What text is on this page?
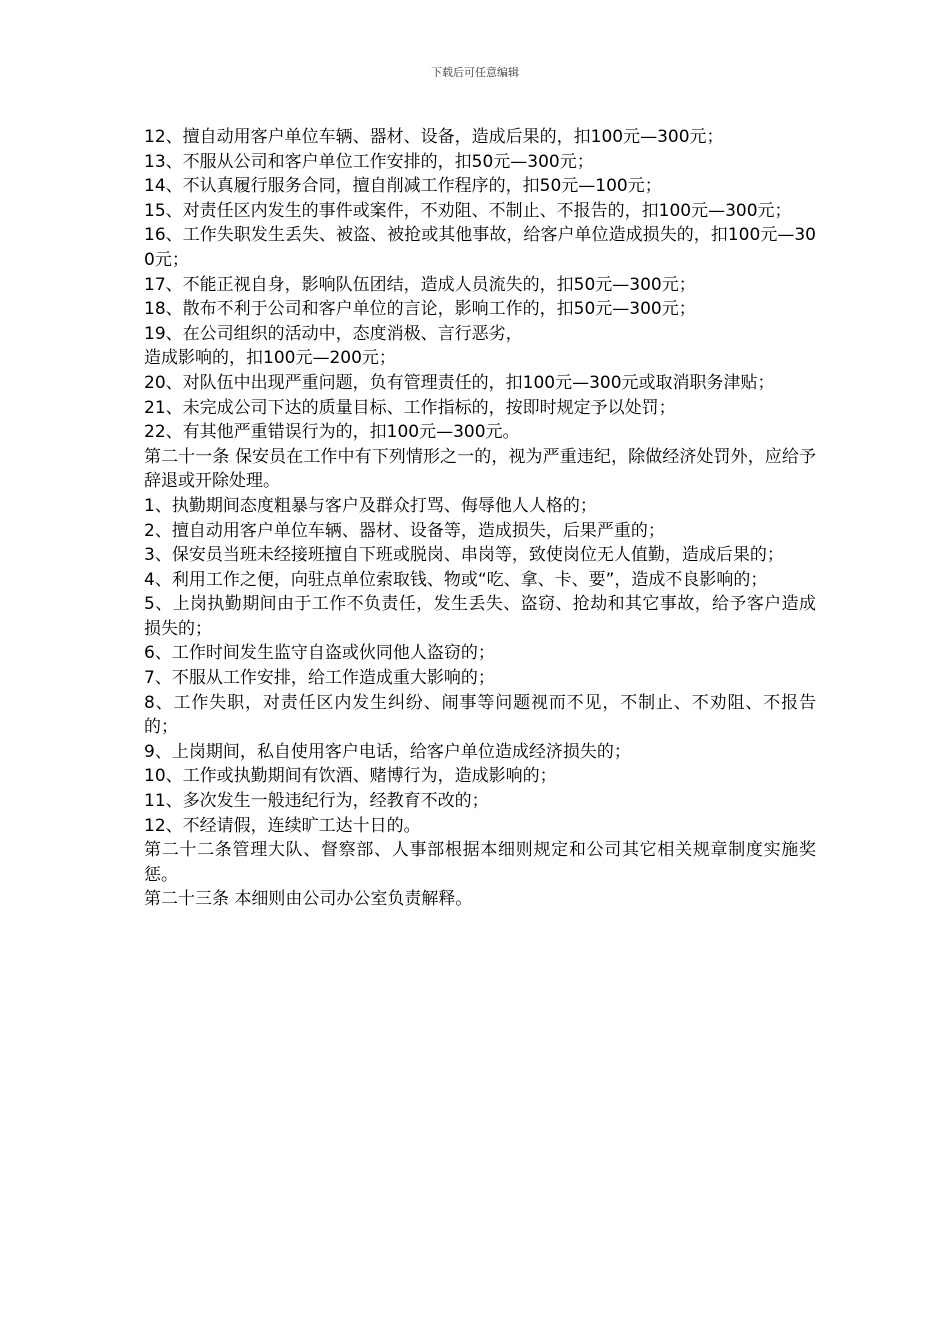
下载后可任意编辑

12、擅自动用客户单位车辆、器材、设备，造成后果的，扣100元—300元；

13、不服从公司和客户单位工作安排的，扣50元—300元；

14、不认真履行服务合同，擅自削减工作程序的，扣50元—100元；

15、对责任区内发生的事件或案件，不劝阻、不制止、不报告的，扣100元—300元；

16、工作失职发生丢失、被盗、被抢或其他事故，给客户单位造成损失的，扣100元—300元；

17、不能正视自身，影响队伍团结，造成人员流失的，扣50元—300元；

18、散布不利于公司和客户单位的言论，影响工作的，扣50元—300元；

19、在公司组织的活动中，态度消极、言行恶劣，

造成影响的，扣100元—200元；

20、对队伍中出现严重问题，负有管理责任的，扣100元—300元或取消职务津贴；

21、未完成公司下达的质量目标、工作指标的，按即时规定予以处罚；

22、有其他严重错误行为的，扣100元—300元。

第二十一条 保安员在工作中有下列情形之一的，视为严重违纪，除做经济处罚外，应给予辞退或开除处理。

1、执勤期间态度粗暴与客户及群众打骂、侮辱他人人格的；

2、擅自动用客户单位车辆、器材、设备等，造成损失，后果严重的；

3、保安员当班未经接班擅自下班或脱岗、串岗等，致使岗位无人值勤，造成后果的；

4、利用工作之便，向驻点单位索取钱、物或“吃、拿、卡、要”，造成不良影响的；

5、上岗执勤期间由于工作不负责任，发生丢失、盗窃、抢劫和其它事故，给予客户造成损失的；

6、工作时间发生监守自盗或伙同他人盗窃的；

7、不服从工作安排，给工作造成重大影响的；

8、工作失职，对责任区内发生纠纷、闹事等问题视而不见，不制止、不劝阻、不报告的；

9、上岗期间，私自使用客户电话，给客户单位造成经济损失的；

10、工作或执勤期间有饮酒、赌博行为，造成影响的；

11、多次发生一般违纪行为，经教育不改的；

12、不经请假，连续旷工达十日的。

第二十二条管理大队、督察部、人事部根据本细则规定和公司其它相关规章制度实施奖惩。

第二十三条 本细则由公司办公室负责解释。
